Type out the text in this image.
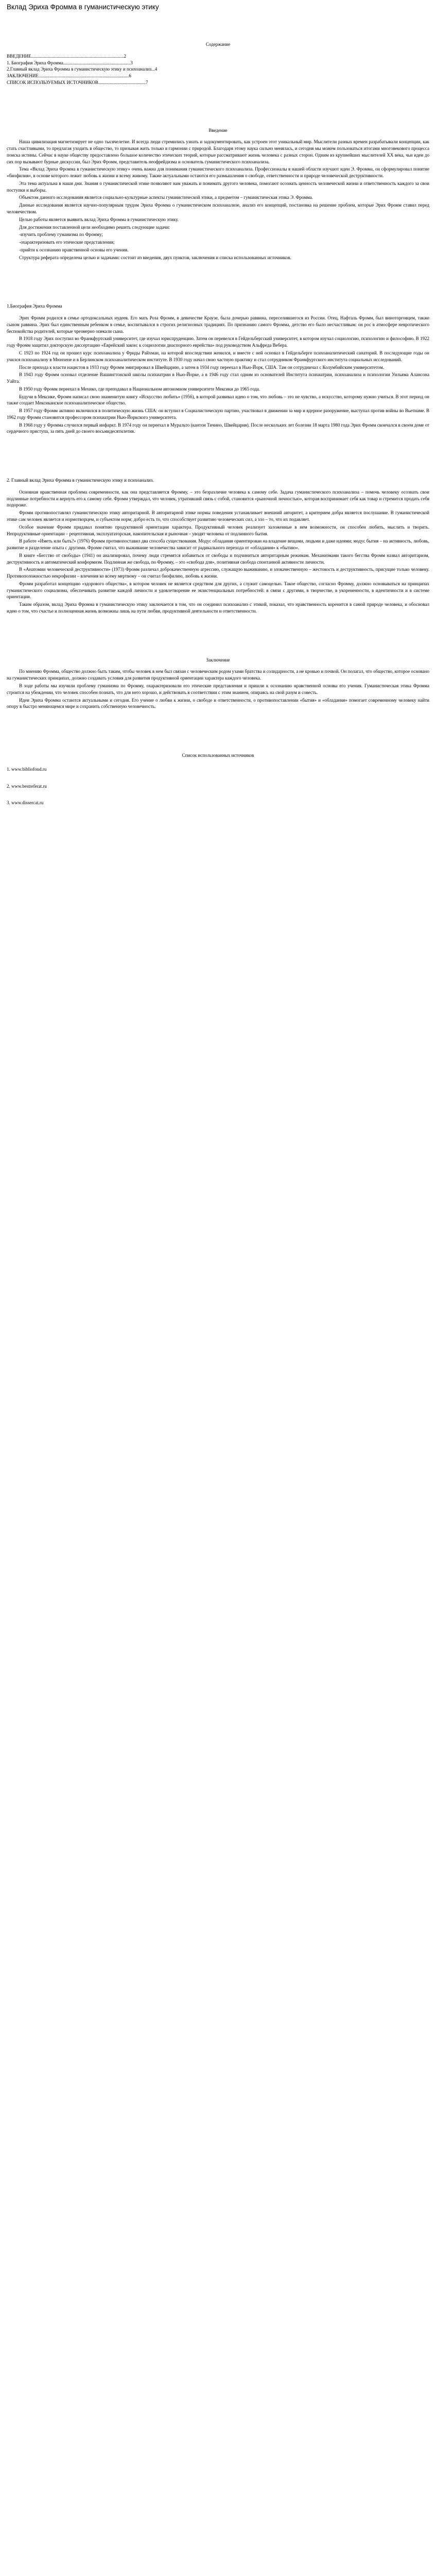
Вклад Эриха Фромма в гуманистическую этику
Содержание

ВВЕДЕНИЕ................................................................................2

1. Биография Эриха Фромма..........................................................3

2.Главный вклад Эриха Фромма в гуманистическую этику и психоанализ...4

ЗАКЛЮЧЕНИЕ..............................................................................6

СПИСОК ИСПОЛЬЗУЕМЫХ ИСТОЧНИКОВ.........................................7

Введение

Наша цивилизация магнетизирует не одно тысячелетие. И всегда люди стремились узнать и задокументировать, как устроен этот уникальный мир. Мыслители разных времен разрабатывали концепции, как стать счастливыми, то предлагая уходить в общество, то призывая жить только в гармонии с природой. Благодаря этому наука сильно менялась, и сегодня мы можем пользоваться итогами многовекового процесса поиска истины. Сейчас в науке обществу предоставлено большое количество этических теорий, которые рассматривают жизнь человека с разных сторон. Одним из крупнейших мыслителей XX века, чьи идеи до сих пор вызывают бурные дискуссии, был Эрих Фромм, представитель неофрейдизма и основатель гуманистического психоанализа.

Тема «Вклад Эриха Фромма в гуманистическую этику» очень важна для понимания гуманистического психоанализа. Профессионалы в нашей области изучают идеи Э. Фромма, он сформулировал понятие «биофилия», в основе которого лежит любовь к жизни и всему живому. Также актуальными остаются его размышления о свободе, ответственности и природе человеческой деструктивности.

Эта тема актуальна в наши дни. Знания о гуманистической этике позволяют нам уважать и понимать другого человека, помогают осознать ценность человеческой жизни и ответственность каждого за свои поступки и выборы.

Объектом данного исследования является социально-культурные аспекты гуманистической этики, а предметом – гуманистическая этика Э. Фромма.

Данные исследования является научно-популярным трудом Эриха Фромма о гуманистическом психоанализе, анализ его концепций, постановка на решение проблем, которые Эрих Фромм ставил перед человечеством.

Целью работы является выявить вклад Эриха Фромма в гуманистическую этику.

Для достижения поставленной цели необходимо решить следующие задачи:

-изучить проблему гуманизма по Фромму;

-охарактеризовать его этические представления;

-прийти к осознанию нравственной основы его учения.

Структура реферата определена целью и задачами: состоит из введения, двух пунктов, заключения и списка использованных источников.

1.Биография Эриха Фромма

Эрих Фромм родился в семье ортодоксальных иудеев. Его мать Роза Фромм, в девичестве Краузе, была дочерью раввина, переселившегося из России. Отец, Нафталь Фромм, был виноторговцем, также сыном раввина. Эрих был единственным ребенком в семье, воспитывался в строгих религиозных традициях. По признанию самого Фромма, детство его было несчастливым: он рос в атмосфере невротического беспокойства родителей, которые чрезмерно опекали сына.

В 1918 году Эрих поступил во Франкфуртский университет, где изучал юриспруденцию. Затем он перевелся в Гейдельбергский университет, в котором изучал социологию, психологию и философию. В 1922 году Фромм защитил докторскую диссертацию «Еврейский закон: к социологии диаспорного еврейства» под руководством Альфреда Вебера.

С 1923 по 1924 год он прошел курс психоанализа у Фриды Райхман, на которой впоследствии женился, и вместе с ней основал в Гейдельберге психоаналитический санаторий. В последующие годы он учился психоанализу в Мюнхене и в Берлинском психоаналитическом институте. В 1930 году начал свою частную практику и стал сотрудником Франкфуртского института социальных исследований.

После прихода к власти нацистов в 1933 году Фромм эмигрировал в Швейцарию, а затем в 1934 году переехал в Нью-Йорк, США. Там он сотрудничал с Колумбийским университетом.

В 1943 году Фромм основал отделение Вашингтонской школы психиатрии в Нью-Йорке, а в 1946 году стал одним из основателей Института психиатрии, психоанализа и психологии Уильяма Алансона Уайта.

В 1950 году Фромм переехал в Мехико, где преподавал в Национальном автономном университете Мексики до 1965 года.

Будучи в Мексике, Фромм написал свою знаменитую книгу «Искусство любить» (1956), в которой развивал идею о том, что любовь – это не чувство, а искусство, которому нужно учиться. В этот период он также создает Мексиканское психоаналитическое общество.

В 1957 году Фромм активно включился в политическую жизнь США: он вступил в Социалистическую партию, участвовал в движении за мир и ядерное разоружение, выступал против войны во Вьетнаме. В 1962 году Фромм становится профессором психиатрии Нью-Йоркского университета.

В 1968 году у Фромма случился первый инфаркт. В 1974 году он переехал в Муральто (кантон Тичино, Швейцария). После нескольких лет болезни 18 марта 1980 года Эрих Фромм скончался в своем доме от сердечного приступа, за пять дней до своего восьмидесятилетия.

2. Главный вклад Эриха Фромма в гуманистическую этику и психоанализ.

Основная нравственная проблема современности, как она представляется Фромму, – это безразличие человека к самому себе. Задача гуманистического психоанализа – помочь человеку осознать свои подлинные потребности и вернуть его к самому себе. Фромм утверждал, что человек, утративший связь с собой, становится «рыночной личностью», которая воспринимает себя как товар и стремится продать себя подороже.

Фромм противопоставлял гуманистическую этику авторитарной. В авторитарной этике нормы поведения устанавливает внешний авторитет, а критерием добра является послушание. В гуманистической этике сам человек является и нормотворцем, и субъектом норм; добро есть то, что способствует развитию человеческих сил, а зло – то, что их подавляет.

Особое значение Фромм придавал понятию продуктивной ориентации характера. Продуктивный человек реализует заложенные в нем возможности, он способен любить, мыслить и творить. Непродуктивные ориентации – рецептивная, эксплуататорская, накопительская и рыночная – уводят человека от подлинного бытия.

В работе «Иметь или быть?» (1976) Фромм противопоставил два способа существования. Модус обладания ориентирован на владение вещами, людьми и даже идеями; модус бытия – на активность, любовь, развитие и разделение опыта с другими. Фромм считал, что выживание человечества зависит от радикального перехода от «обладания» к «бытию».

В книге «Бегство от свободы» (1941) он анализировал, почему люди стремятся избавиться от свободы и подчиниться авторитарным режимам. Механизмами такого бегства Фромм назвал авторитаризм, деструктивность и автоматический конформизм. Подлинная же свобода, по Фромму, – это «свобода для», позитивная свобода спонтанной активности личности.

В «Анатомии человеческой деструктивности» (1973) Фромм различал доброкачественную агрессию, служащую выживанию, и злокачественную – жестокость и деструктивность, присущие только человеку. Противоположностью некрофилии – влечения ко всему мертвому – он считал биофилию, любовь к жизни.

Фромм разработал концепцию «здорового общества», в котором человек не является средством для других, а служит самоцелью. Такое общество, согласно Фромму, должно основываться на принципах гуманистического социализма, обеспечивать развитие каждой личности и удовлетворение ее экзистенциальных потребностей: в связи с другими, в творчестве, в укорененности, в идентичности и в системе ориентации.

Таким образом, вклад Эриха Фромма в гуманистическую этику заключается в том, что он соединил психоанализ с этикой, показал, что нравственность коренится в самой природе человека, и обосновал идею о том, что счастье и полноценная жизнь возможны лишь на пути любви, продуктивной деятельности и ответственности.

Заключение

По мнению Фромма, общество должно быть таким, чтобы человек в нем был связан с человеческим родом узами братства и солидарности, а не кровью и почвой. Он полагал, что общество, которое основано на гуманистических принципах, должно создавать условия для развития продуктивной ориентации характера каждого человека.

В ходе работы мы изучили проблему гуманизма по Фромму, охарактеризовали его этические представления и пришли к осознанию нравственной основы его учения. Гуманистическая этика Фромма строится на убеждении, что человек способен познать, что для него хорошо, и действовать в соответствии с этим знанием, опираясь на свой разум и совесть.

Идеи Эриха Фромма остаются актуальными и сегодня. Его учение о любви к жизни, о свободе и ответственности, о противопоставлении «бытия» и «обладания» помогает современному человеку найти опору в быстро меняющемся мире и сохранить собственную человечность.

Список использованных источников

1. www.bibliofond.ru

2. www.bestreferat.ru

3. www.dissercat.ru
